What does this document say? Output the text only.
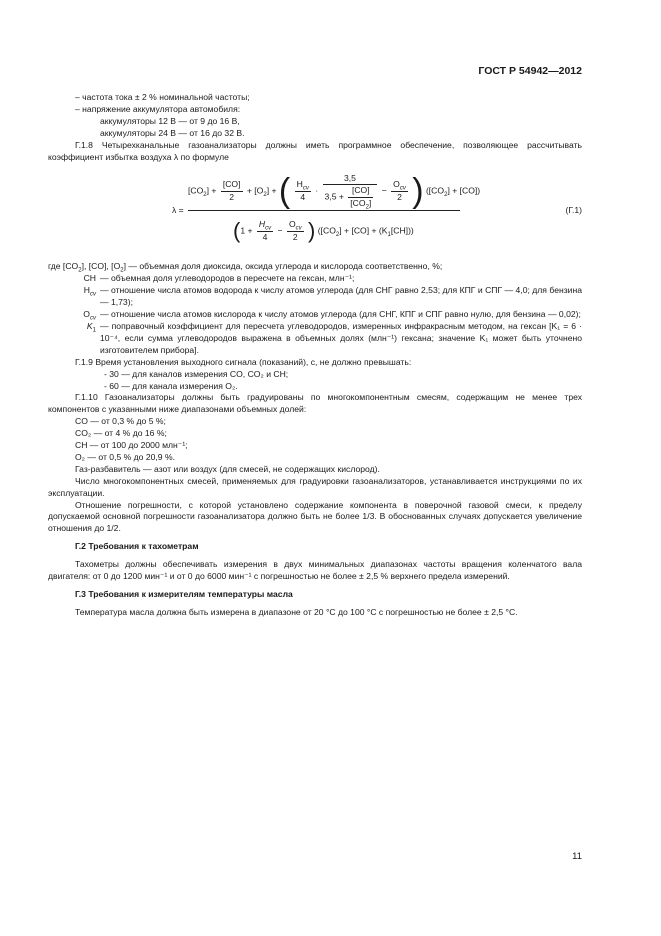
ГОСТ Р 54942—2012

– частота тока ± 2 % номинальной частоты;

– напряжение аккумулятора автомобиля:

аккумуляторы 12 В — от 9 до 16 В,

аккумуляторы 24 В — от 16 до 32 В.

Г.1.8 Четырехканальные газоанализаторы должны иметь программное обеспечение, позволяющее рассчитывать коэффициент избытка воздуха λ по формуле

λ =
$[CO_2] + \frac{[CO]}{2} + [O_2]$ + ( $\frac{H_{cv}}{4} \cdot \frac{3,5}{3,5 + \frac{[CO]}{[CO_2]}} - \frac{O_{cv}}{2}$ ) $([CO_2] + [CO])$
($1 + \frac{H_{cv}}{4} - \frac{O_{cv}}{2}$ ) $([CO_2] + [CO] + (K_1[CH]))$
(Г.1)

где $[CO_2]$, [CO], $[O_2]$ — объемная доля диоксида, оксида углерода и кислорода соответственно, %;

CH — объемная доля углеводородов в пересчете на гексан, млн⁻¹;
$H_{cv}$ — отношение числа атомов водорода к числу атомов углерода (для СНГ равно 2,53; для КПГ и СПГ — 4,0; для бензина — 1,73);
$O_{cv}$ — отношение числа атомов кислорода к числу атомов углерода (для СНГ, КПГ и СПГ равно нулю, для бензина — 0,02);
$K_1$ — поправочный коэффициент для пересчета углеводородов, измеренных инфракрасным методом, на гексан [K₁ = 6 · 10⁻⁴, если сумма углеводородов выражена в объемных долях (млн⁻¹) гексана; значение K₁ может быть уточнено изготовителем прибора].

Г.1.9 Время установления выходного сигнала (показаний), с, не должно превышать:

- 30 — для каналов измерения CO, CO₂ и CH;

- 60 — для канала измерения O₂.

Г.1.10 Газоанализаторы должны быть градуированы по многокомпонентным смесям, содержащим не менее трех компонентов с указанными ниже диапазонами объемных долей:

CO — от 0,3 % до 5 %;

CO₂ — от 4 % до 16 %;

CH — от 100 до 2000 млн⁻¹;

O₂ — от 0,5 % до 20,9 %.

Газ-разбавитель — азот или воздух (для смесей, не содержащих кислород).

Число многокомпонентных смесей, применяемых для градуировки газоанализаторов, устанавливается инструкциями по их эксплуатации.

Отношение погрешности, с которой установлено содержание компонента в поверочной газовой смеси, к пределу допускаемой основной погрешности газоанализатора должно быть не более 1/3. В обоснованных случаях допускается увеличение отношения до 1/2.

Г.2 Требования к тахометрам

Тахометры должны обеспечивать измерения в двух минимальных диапазонах частоты вращения коленчатого вала двигателя: от 0 до 1200 мин⁻¹ и от 0 до 6000 мин⁻¹ с погрешностью не более ± 2,5 % верхнего предела измерений.

Г.3 Требования к измерителям температуры масла

Температура масла должна быть измерена в диапазоне от 20 °С до 100 °С с погрешностью не более ± 2,5 °С.

11
